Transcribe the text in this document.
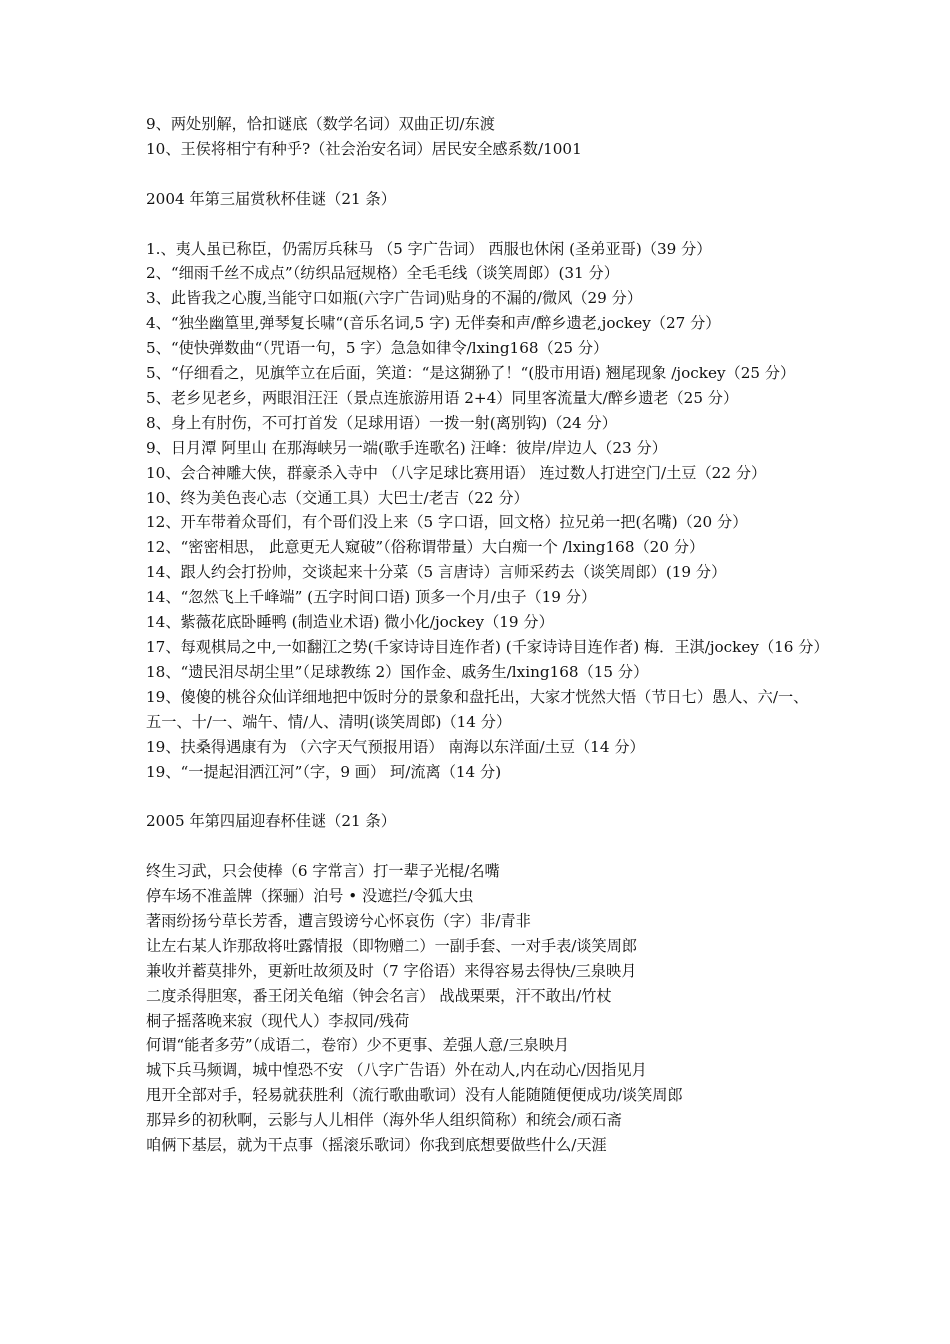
9、两处别解，恰扣谜底（数学名词）双曲正切/东渡
10、王侯将相宁有种乎?（社会治安名词）居民安全感系数/1001
2004 年第三届赏秋杯佳谜（21 条）
1.、夷人虽已称臣，仍需厉兵秣马 （5 字广告词） 西服也休闲 (圣弟亚哥)（39 分）
2、“细雨千丝不成点”（纺织品冠规格）全毛毛线（谈笑周郎）(31 分）
3、此皆我之心腹,当能守口如瓶(六字广告词)贴身的不漏的/微风（29 分）
4、“独坐幽篁里,弹琴复长啸“(音乐名词,5 字) 无伴奏和声/醉乡遗老,jockey（27 分）
5、“使快弹数曲“（咒语一句，5 字）急急如律令/lxing168（25 分）
5、“仔细看之，见旗竿立在后面，笑道：“是这猢狲了！“(股市用语) 翘尾现象 /jockey（25 分）
5、老乡见老乡，两眼泪汪汪（景点连旅游用语 2+4）同里客流量大/醉乡遗老（25 分）
8、身上有肘伤，不可打首发（足球用语）一拨一射(离别钩)（24 分）
9、日月潭 阿里山 在那海峡另一端(歌手连歌名) 汪峰：彼岸/岸边人（23 分）
10、会合神雕大侠，群豪杀入寺中 （八字足球比赛用语） 连过数人打进空门/土豆（22 分）
10、终为美色丧心志（交通工具）大巴士/老吉（22 分）
12、开车带着众哥们，有个哥们没上来（5 字口语，回文格）拉兄弟一把(名嘴)（20 分）
12、“密密相思， 此意更无人窥破”（俗称谓带量）大白痴一个 /lxing168（20 分）
14、跟人约会打扮帅，交谈起来十分菜（5 言唐诗）言师采药去（谈笑周郎）(19 分）
14、“忽然飞上千峰端” (五字时间口语) 顶多一个月/虫子（19 分）
14、紫薇花底卧睡鸭 (制造业术语) 微小化/jockey（19 分）
17、每观棋局之中,一如翻江之势(千家诗诗目连作者) (千家诗诗目连作者) 梅．王淇/jockey（16 分）
18、“遗民泪尽胡尘里”（足球教练 2）国作金、戚务生/lxing168（15 分）
19、傻傻的桃谷众仙详细地把中饭时分的景象和盘托出，大家才恍然大悟（节日七）愚人、六/一、五一、十/一、端午、情/人、清明(谈笑周郎)（14 分）
19、扶桑得遇康有为 （六字天气预报用语） 南海以东洋面/土豆（14 分）
19、“一提起泪洒江河”（字，9 画） 珂/流离（14 分)
2005 年第四届迎春杯佳谜（21 条）
终生习武，只会使棒（6 字常言）打一辈子光棍/名嘴
停车场不准盖牌（探骊）泊号 • 没遮拦/令狐大虫
著雨纷扬兮草长芳香，遭言毁谤兮心怀哀伤（字）非/青非
让左右某人诈那敌将吐露情报（即物赠二）一副手套、一对手表/谈笑周郎
兼收并蓄莫排外，更新吐故须及时（7 字俗语）来得容易去得快/三泉映月
二度杀得胆寒，番王闭关龟缩（钟会名言） 战战栗栗，汗不敢出/竹杖
桐子摇落晚来寂（现代人）李叔同/残荷
何谓“能者多劳”（成语二，卷帘）少不更事、差强人意/三泉映月
城下兵马频调，城中惶恐不安 （八字广告语）外在动人,内在动心/因指见月
甩开全部对手，轻易就获胜利（流行歌曲歌词）没有人能随随便便成功/谈笑周郎
那异乡的初秋啊，云影与人儿相伴（海外华人组织简称）和统会/顽石斋
咱俩下基层，就为干点事（摇滚乐歌词）你我到底想要做些什么/天涯
